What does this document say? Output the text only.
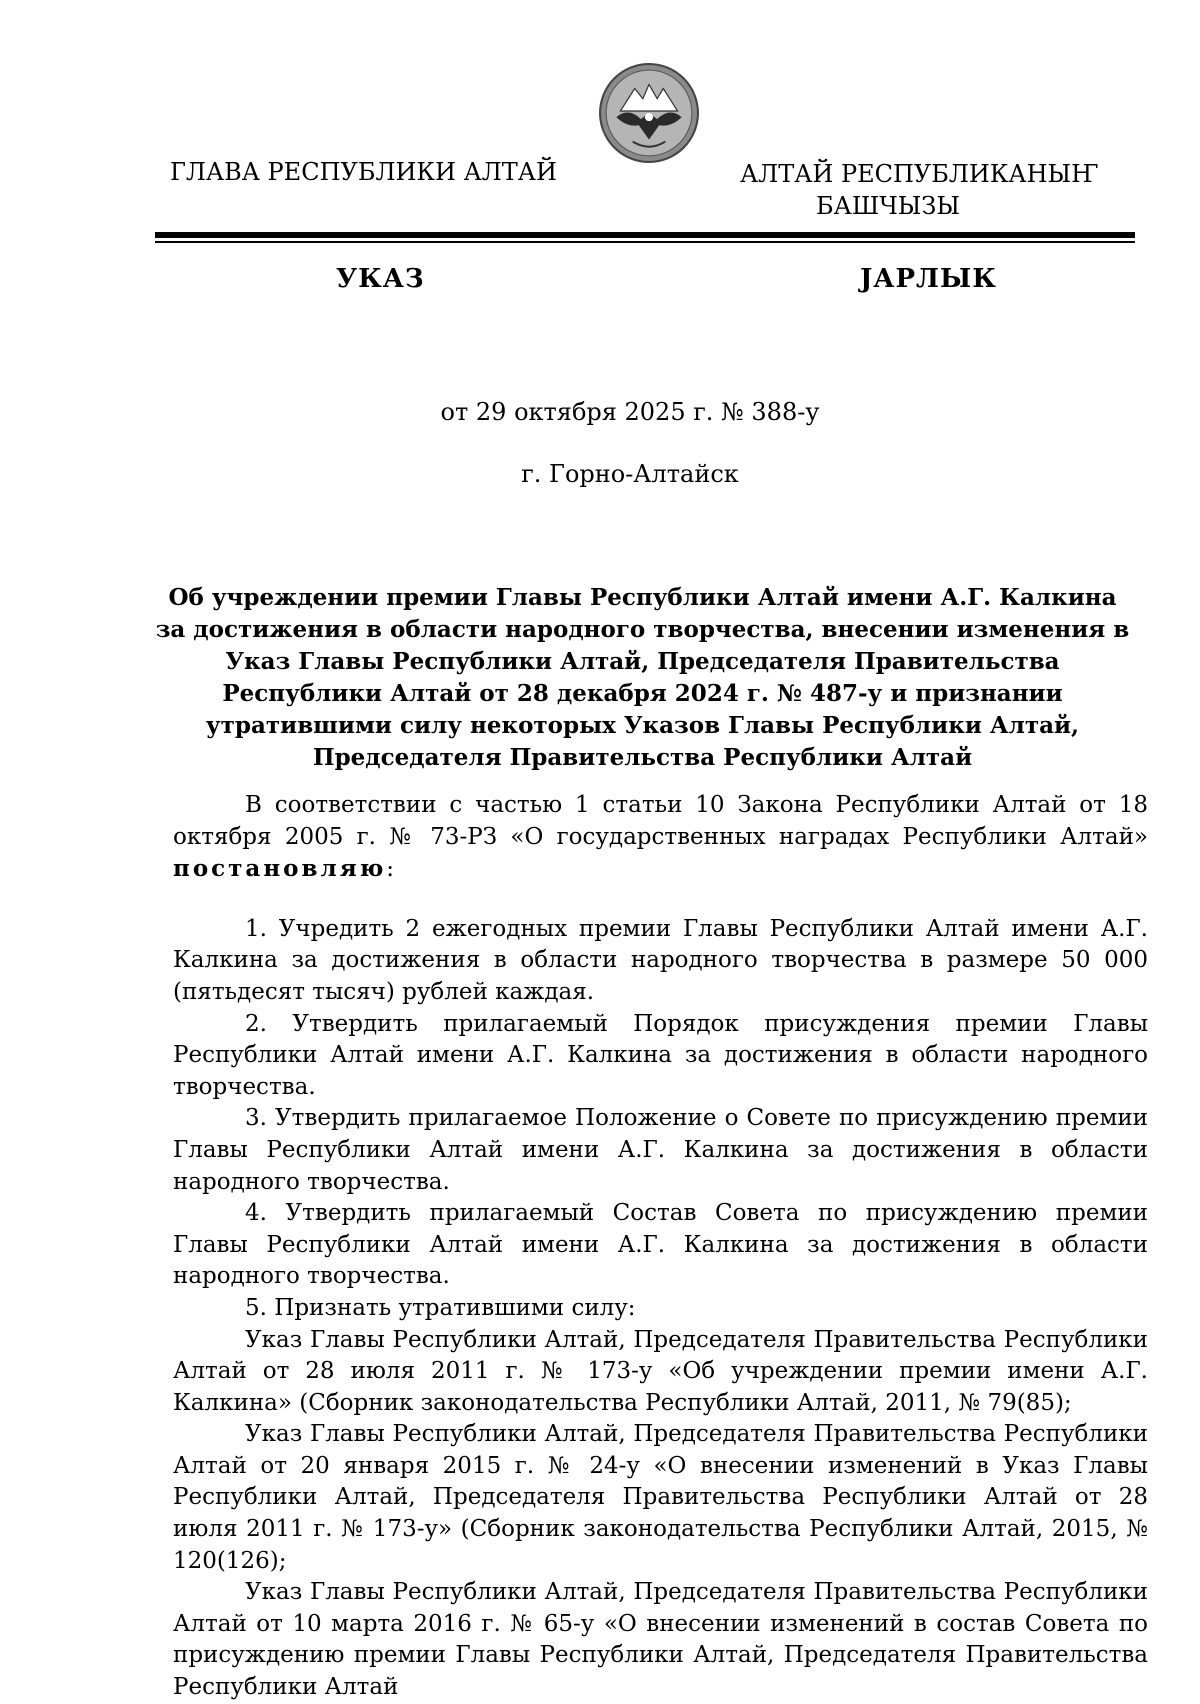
ГЛАВА РЕСПУБЛИКИ АЛТАЙ	АЛТАЙ РЕСПУБЛИКАНЫҤ
БАШЧЫЗЫ
УКАЗ	ЈАРЛЫК
от 29 октября 2025 г. № 388-у
г. Горно-Алтайск
Об учреждении премии Главы Республики Алтай имени А.Г. Калкина за достижения в области народного творчества, внесении изменения в Указ Главы Республики Алтай, Председателя Правительства Республики Алтай от 28 декабря 2024 г. № 487-у и признании утратившими силу некоторых Указов Главы Республики Алтай, Председателя Правительства Республики Алтай

В соответствии с частью 1 статьи 10 Закона Республики Алтай от 18 октября 2005 г. № 73-РЗ «О государственных наградах Республики Алтай» постановляю:

1. Учредить 2 ежегодных премии Главы Республики Алтай имени А.Г. Калкина за достижения в области народного творчества в размере 50 000 (пятьдесят тысяч) рублей каждая.

2. Утвердить прилагаемый Порядок присуждения премии Главы Республики Алтай имени А.Г. Калкина за достижения в области народного творчества.

3. Утвердить прилагаемое Положение о Совете по присуждению премии Главы Республики Алтай имени А.Г. Калкина за достижения в области народного творчества.

4. Утвердить прилагаемый Состав Совета по присуждению премии Главы Республики Алтай имени А.Г. Калкина за достижения в области народного творчества.

5. Признать утратившими силу:

Указ Главы Республики Алтай, Председателя Правительства Республики Алтай от 28 июля 2011 г. № 173-у «Об учреждении премии имени А.Г. Калкина» (Сборник законодательства Республики Алтай, 2011, № 79(85);

Указ Главы Республики Алтай, Председателя Правительства Республики Алтай от 20 января 2015 г. № 24-у «О внесении изменений в Указ Главы Республики Алтай, Председателя Правительства Республики Алтай от 28 июля 2011 г. № 173-у» (Сборник законодательства Республики Алтай, 2015, № 120(126);

Указ Главы Республики Алтай, Председателя Правительства Республики Алтай от 10 марта 2016 г. № 65-у «О внесении изменений в состав Совета по присуждению премии Главы Республики Алтай, Председателя Правительства Республики Алтай
